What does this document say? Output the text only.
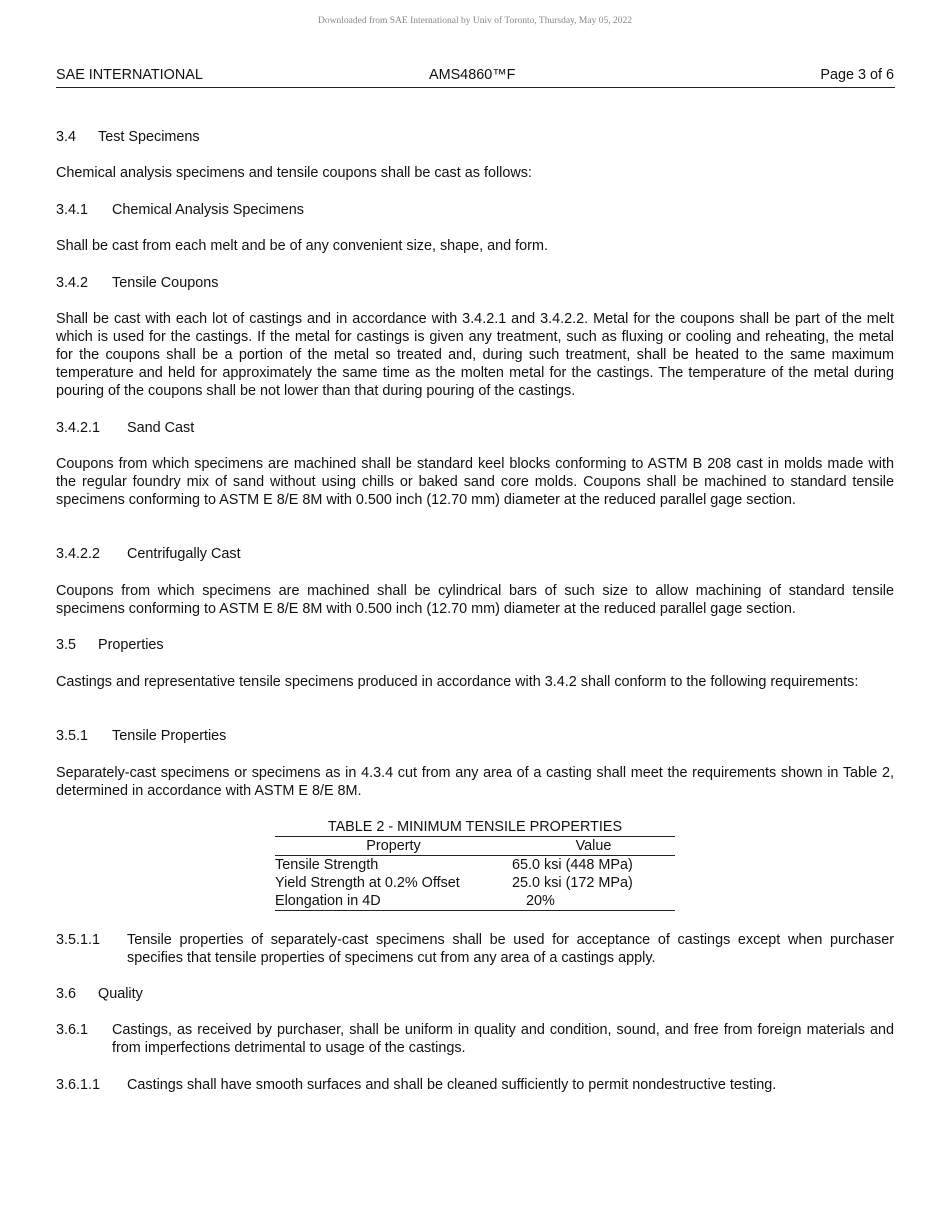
Downloaded from SAE International by Univ of Toronto, Thursday, May 05, 2022
SAE INTERNATIONAL	AMS4860™F	Page 3 of 6
3.4 Test Specimens
Chemical analysis specimens and tensile coupons shall be cast as follows:
3.4.1 Chemical Analysis Specimens
Shall be cast from each melt and be of any convenient size, shape, and form.
3.4.2 Tensile Coupons
Shall be cast with each lot of castings and in accordance with 3.4.2.1 and 3.4.2.2. Metal for the coupons shall be part of the melt which is used for the castings. If the metal for castings is given any treatment, such as fluxing or cooling and reheating, the metal for the coupons shall be a portion of the metal so treated and, during such treatment, shall be heated to the same maximum temperature and held for approximately the same time as the molten metal for the castings. The temperature of the metal during pouring of the coupons shall be not lower than that during pouring of the castings.
3.4.2.1 Sand Cast
Coupons from which specimens are machined shall be standard keel blocks conforming to ASTM B 208 cast in molds made with the regular foundry mix of sand without using chills or baked sand core molds. Coupons shall be machined to standard tensile specimens conforming to ASTM E 8/E 8M with 0.500 inch (12.70 mm) diameter at the reduced parallel gage section.
3.4.2.2 Centrifugally Cast
Coupons from which specimens are machined shall be cylindrical bars of such size to allow machining of standard tensile specimens conforming to ASTM E 8/E 8M with 0.500 inch (12.70 mm) diameter at the reduced parallel gage section.
3.5 Properties
Castings and representative tensile specimens produced in accordance with 3.4.2 shall conform to the following requirements:
3.5.1 Tensile Properties
Separately-cast specimens or specimens as in 4.3.4 cut from any area of a casting shall meet the requirements shown in Table 2, determined in accordance with ASTM E 8/E 8M.
TABLE 2 - MINIMUM TENSILE PROPERTIES
Property	Value
Tensile Strength	65.0 ksi (448 MPa)
Yield Strength at 0.2% Offset	25.0 ksi (172 MPa)
Elongation in 4D	20%
3.5.1.1 Tensile properties of separately-cast specimens shall be used for acceptance of castings except when purchaser specifies that tensile properties of specimens cut from any area of a castings apply.
3.6 Quality
3.6.1 Castings, as received by purchaser, shall be uniform in quality and condition, sound, and free from foreign materials and from imperfections detrimental to usage of the castings.
3.6.1.1 Castings shall have smooth surfaces and shall be cleaned sufficiently to permit nondestructive testing.
